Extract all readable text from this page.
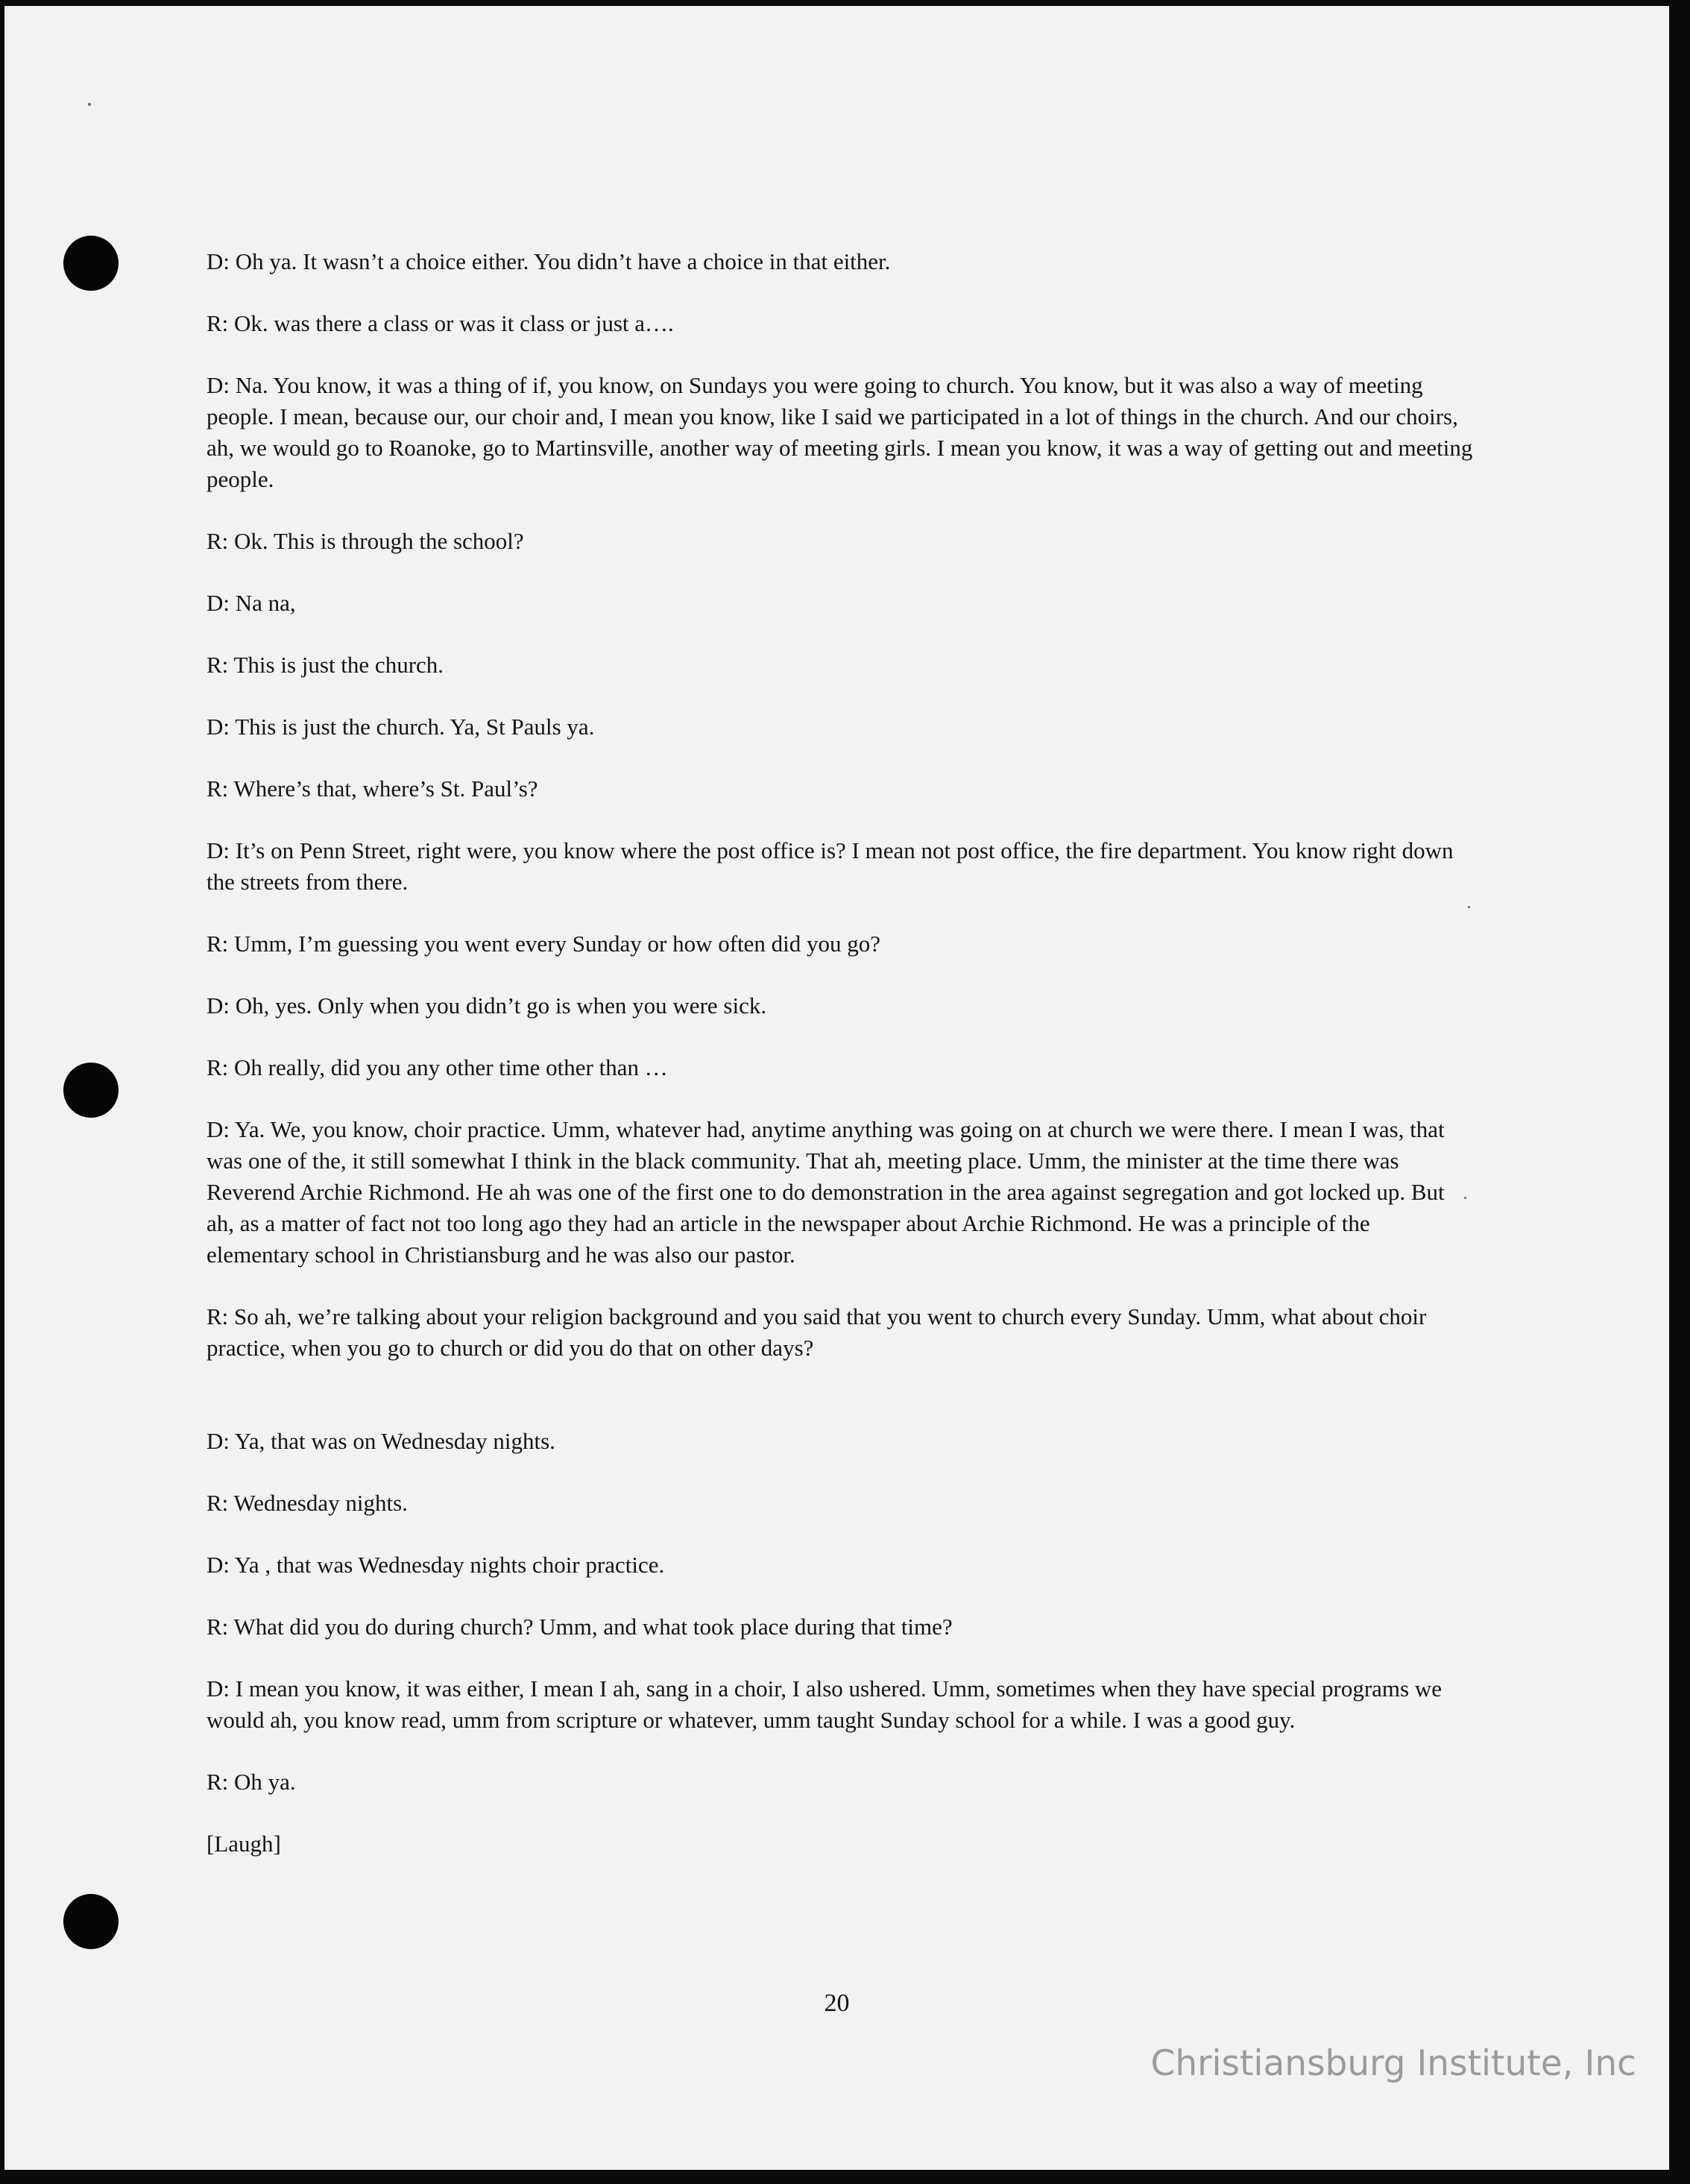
D: Oh ya. It wasn’t a choice either. You didn’t have a choice in that either.
R: Ok. was there a class or was it class or just a….
D: Na. You know, it was a thing of if, you know, on Sundays you were going to church. You know, but it was also a way of meeting people. I mean, because our, our choir and, I mean you know, like I said we participated in a lot of things in the church. And our choirs, ah, we would go to Roanoke, go to Martinsville, another way of meeting girls. I mean you know, it was a way of getting out and meeting people.
R: Ok. This is through the school?
D: Na na,
R: This is just the church.
D: This is just the church. Ya, St Pauls ya.
R: Where’s that, where’s St. Paul’s?
D: It’s on Penn Street, right were, you know where the post office is? I mean not post office, the fire department. You know right down the streets from there.
R: Umm, I’m guessing you went every Sunday or how often did you go?
D: Oh, yes. Only when you didn’t go is when you were sick.
R: Oh really, did you any other time other than …
D: Ya. We, you know, choir practice. Umm, whatever had, anytime anything was going on at church we were there. I mean I was, that was one of the, it still somewhat I think in the black community. That ah, meeting place. Umm, the minister at the time there was Reverend Archie Richmond. He ah was one of the first one to do demonstration in the area against segregation and got locked up. But ah, as a matter of fact not too long ago they had an article in the newspaper about Archie Richmond. He was a principle of the elementary school in Christiansburg and he was also our pastor.
R: So ah, we’re talking about your religion background and you said that you went to church every Sunday. Umm, what about choir practice, when you go to church or did you do that on other days?
D: Ya, that was on Wednesday nights.
R: Wednesday nights.
D: Ya , that was Wednesday nights choir practice.
R: What did you do during church? Umm, and what took place during that time?
D: I mean you know, it was either, I mean I ah, sang in a choir, I also ushered. Umm, sometimes when they have special programs we would ah, you know read, umm from scripture or whatever, umm taught Sunday school for a while. I was a good guy.
R: Oh ya.
[Laugh]
20
Christiansburg Institute, Inc
